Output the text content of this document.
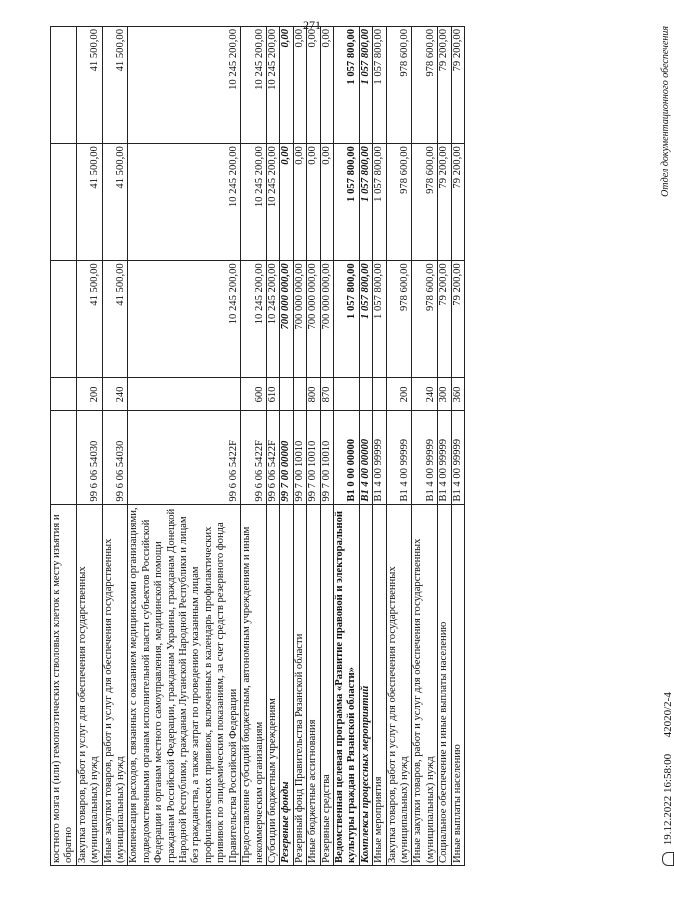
271
костного мозга и (или) гемопоэтических стволовых клеток к месту изъятия и обратно					
Закупка товаров, работ и услуг для обеспечения государственных (муниципальных) нужд	99 6 06 54030	200	41 500,00	41 500,00	41 500,00
Иные закупки товаров, работ и услуг для обеспечения государственных (муниципальных) нужд	99 6 06 54030	240	41 500,00	41 500,00	41 500,00
Компенсация расходов, связанных с оказанием медицинскими организациями, подведомственными органам исполнительной власти субъектов Российской Федерации и органам местного самоуправления, медицинской помощи гражданам Российской Федерации, гражданам Украины, гражданам Донецкой Народной Республики, гражданам Луганской Народной Республики и лицам без гражданства, а также затрат по проведению указанным лицам профилактических прививок, включенных в календарь профилактических прививок по эпидемическим показаниям, за счет средств резервного фонда Правительства Российской Федерации	99 6 06 5422F		10 245 200,00	10 245 200,00	10 245 200,00
Предоставление субсидий бюджетным, автономным учреждениям и иным некоммерческим организациям	99 6 06 5422F	600	10 245 200,00	10 245 200,00	10 245 200,00
Субсидии бюджетным учреждениям	99 6 06 5422F	610	10 245 200,00	10 245 200,00	10 245 200,00
Резервные фонды	99 7 00 00000		700 000 000,00	0,00	0,00
Резервный фонд Правительства Рязанской области	99 7 00 10010		700 000 000,00	0,00	0,00
Иные бюджетные ассигнования	99 7 00 10010	800	700 000 000,00	0,00	0,00
Резервные средства	99 7 00 10010	870	700 000 000,00	0,00	0,00
Ведомственная целевая программа «Развитие правовой и электоральной культуры граждан в Рязанской области»	В1 0 00 00000		1 057 800,00	1 057 800,00	1 057 800,00
Комплексы процессных мероприятий	В1 4 00 00000		1 057 800,00	1 057 800,00	1 057 800,00
Иные мероприятия	В1 4 00 99999		1 057 800,00	1 057 800,00	1 057 800,00
Закупка товаров, работ и услуг для обеспечения государственных (муниципальных) нужд	В1 4 00 99999	200	978 600,00	978 600,00	978 600,00
Иные закупки товаров, работ и услуг для обеспечения государственных (муниципальных) нужд	В1 4 00 99999	240	978 600,00	978 600,00	978 600,00
Социальное обеспечение и иные выплаты населению	В1 4 00 99999	300	79 200,00	79 200,00	79 200,00
Иные выплаты населению	В1 4 00 99999	360	79 200,00	79 200,00	79 200,00
19.12.2022 16:58:00      42020/2-4
Отдел документационного обеспечения
